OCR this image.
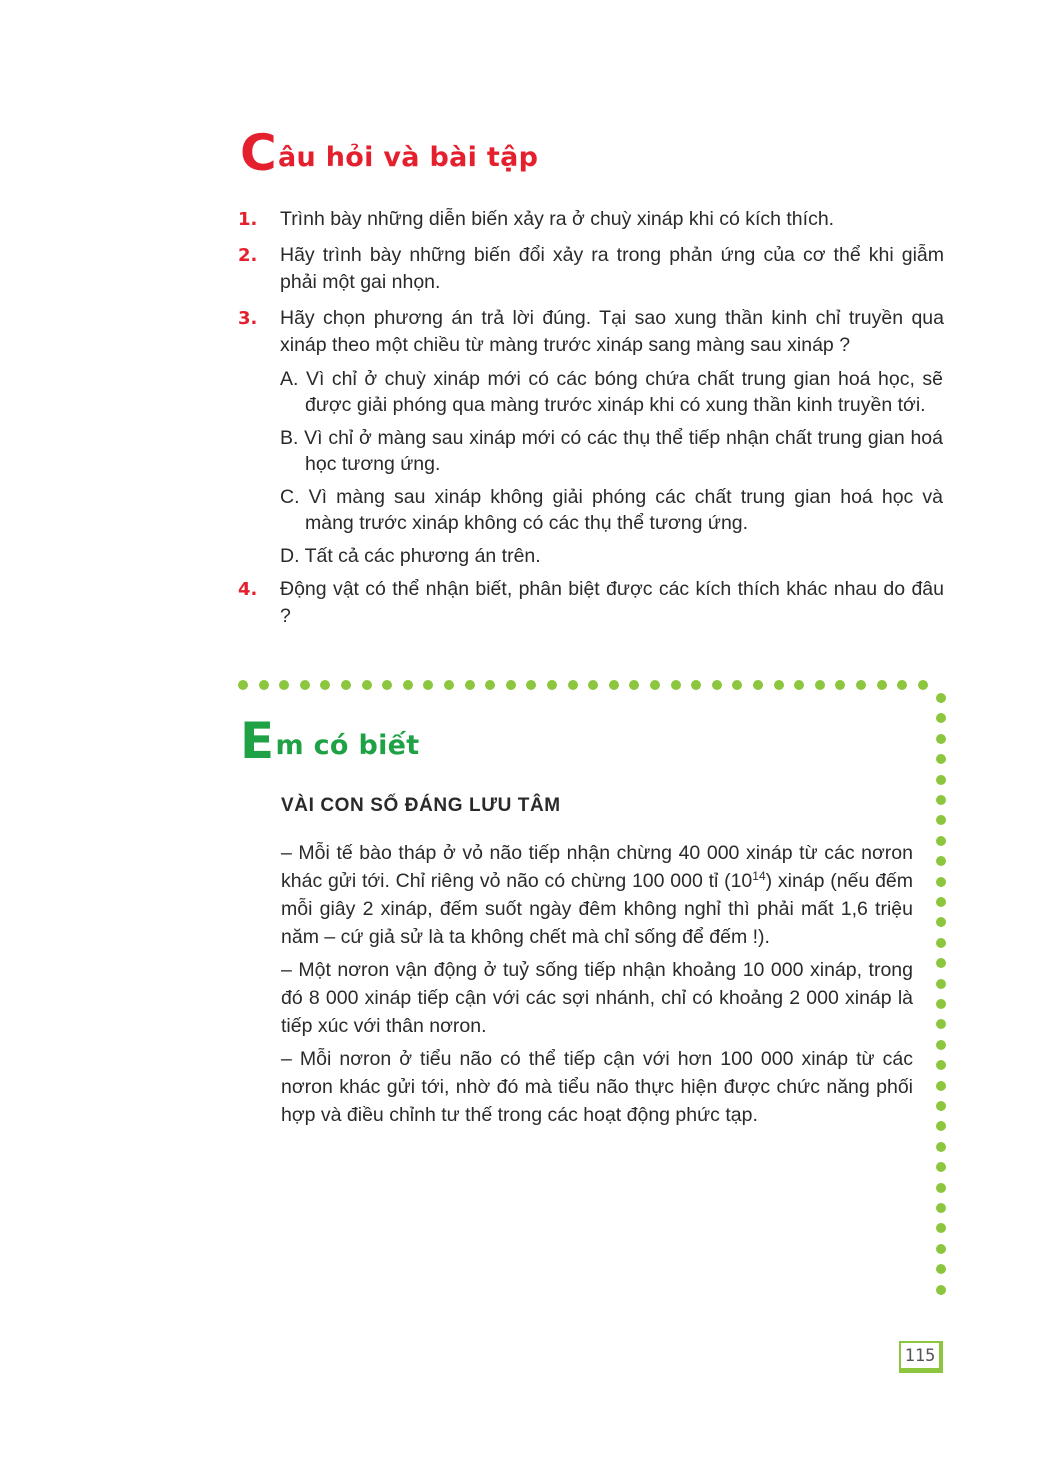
Câu hỏi và bài tập
1. Trình bày những diễn biến xảy ra ở chuỳ xináp khi có kích thích.
2. Hãy trình bày những biến đổi xảy ra trong phản ứng của cơ thể khi giẫm phải một gai nhọn.
3. Hãy chọn phương án trả lời đúng. Tại sao xung thần kinh chỉ truyền qua xináp theo một chiều từ màng trước xináp sang màng sau xináp ?
A. Vì chỉ ở chuỳ xináp mới có các bóng chứa chất trung gian hoá học, sẽ được giải phóng qua màng trước xináp khi có xung thần kinh truyền tới.
B. Vì chỉ ở màng sau xináp mới có các thụ thể tiếp nhận chất trung gian hoá học tương ứng.
C. Vì màng sau xináp không giải phóng các chất trung gian hoá học và màng trước xináp không có các thụ thể tương ứng.
D. Tất cả các phương án trên.
4. Động vật có thể nhận biết, phân biệt được các kích thích khác nhau do đâu ?
Em có biết
VÀI CON SỐ ĐÁNG LƯU TÂM
– Mỗi tế bào tháp ở vỏ não tiếp nhận chừng 40 000 xináp từ các nơron khác gửi tới. Chỉ riêng vỏ não có chừng 100 000 tỉ $(10^{14})$ xináp (nếu đếm mỗi giây 2 xináp, đếm suốt ngày đêm không nghỉ thì phải mất 1,6 triệu năm – cứ giả sử là ta không chết mà chỉ sống để đếm !).
– Một nơron vận động ở tuỷ sống tiếp nhận khoảng 10 000 xináp, trong đó 8 000 xináp tiếp cận với các sợi nhánh, chỉ có khoảng 2 000 xináp là tiếp xúc với thân nơron.
– Mỗi nơron ở tiểu não có thể tiếp cận với hơn 100 000 xináp từ các nơron khác gửi tới, nhờ đó mà tiểu não thực hiện được chức năng phối hợp và điều chỉnh tư thế trong các hoạt động phức tạp.
115
